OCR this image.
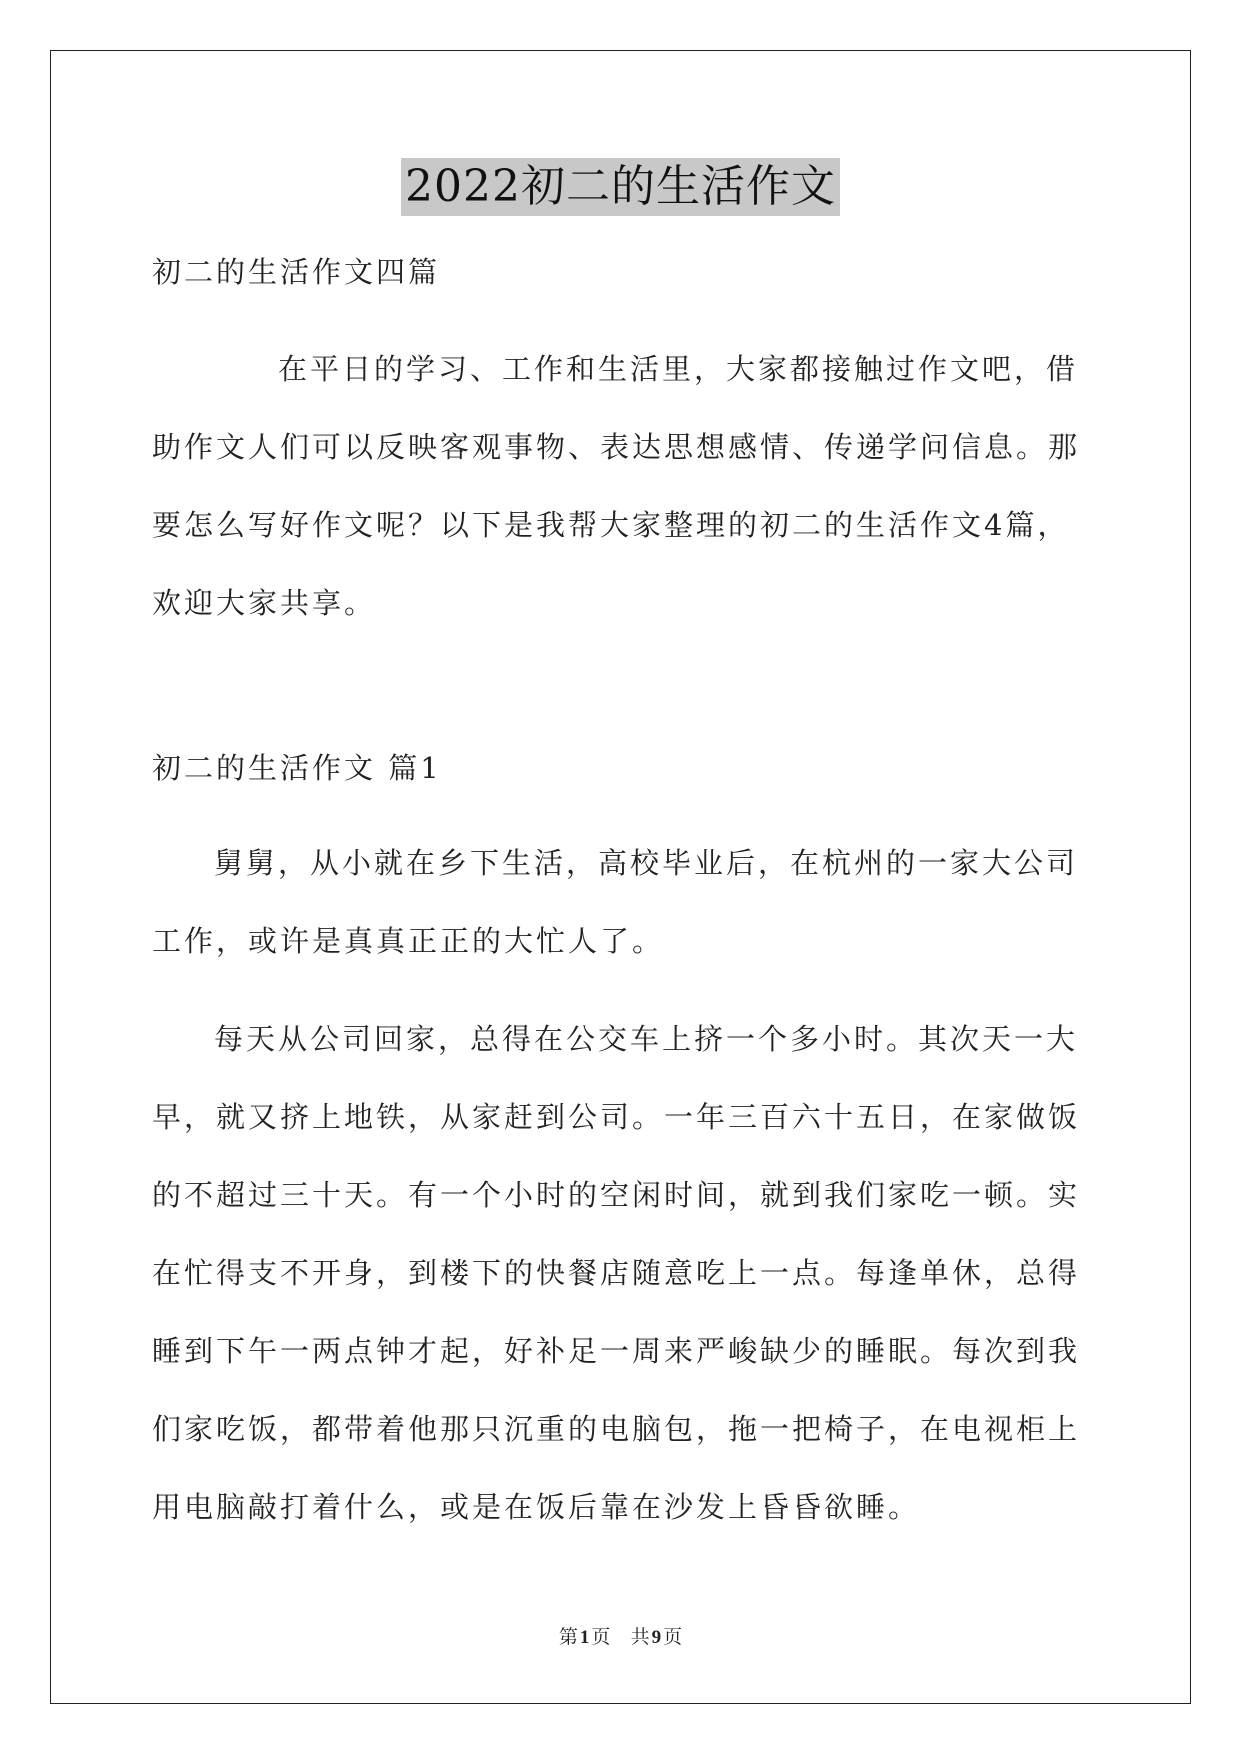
2022初二的生活作文
初二的生活作文四篇
在平日的学习、工作和生活里，大家都接触过作文吧，借助作文人们可以反映客观事物、表达思想感情、传递学问信息。那要怎么写好作文呢？以下是我帮大家整理的初二的生活作文4篇，欢迎大家共享。
初二的生活作文 篇1
舅舅，从小就在乡下生活，高校毕业后，在杭州的一家大公司工作，或许是真真正正的大忙人了。
每天从公司回家，总得在公交车上挤一个多小时。其次天一大早，就又挤上地铁，从家赶到公司。一年三百六十五日，在家做饭的不超过三十天。有一个小时的空闲时间，就到我们家吃一顿。实在忙得支不开身，到楼下的快餐店随意吃上一点。每逢单休，总得睡到下午一两点钟才起，好补足一周来严峻缺少的睡眠。每次到我们家吃饭，都带着他那只沉重的电脑包，拖一把椅子，在电视柜上用电脑敲打着什么，或是在饭后靠在沙发上昏昏欲睡。
第 1 页 共 9 页
